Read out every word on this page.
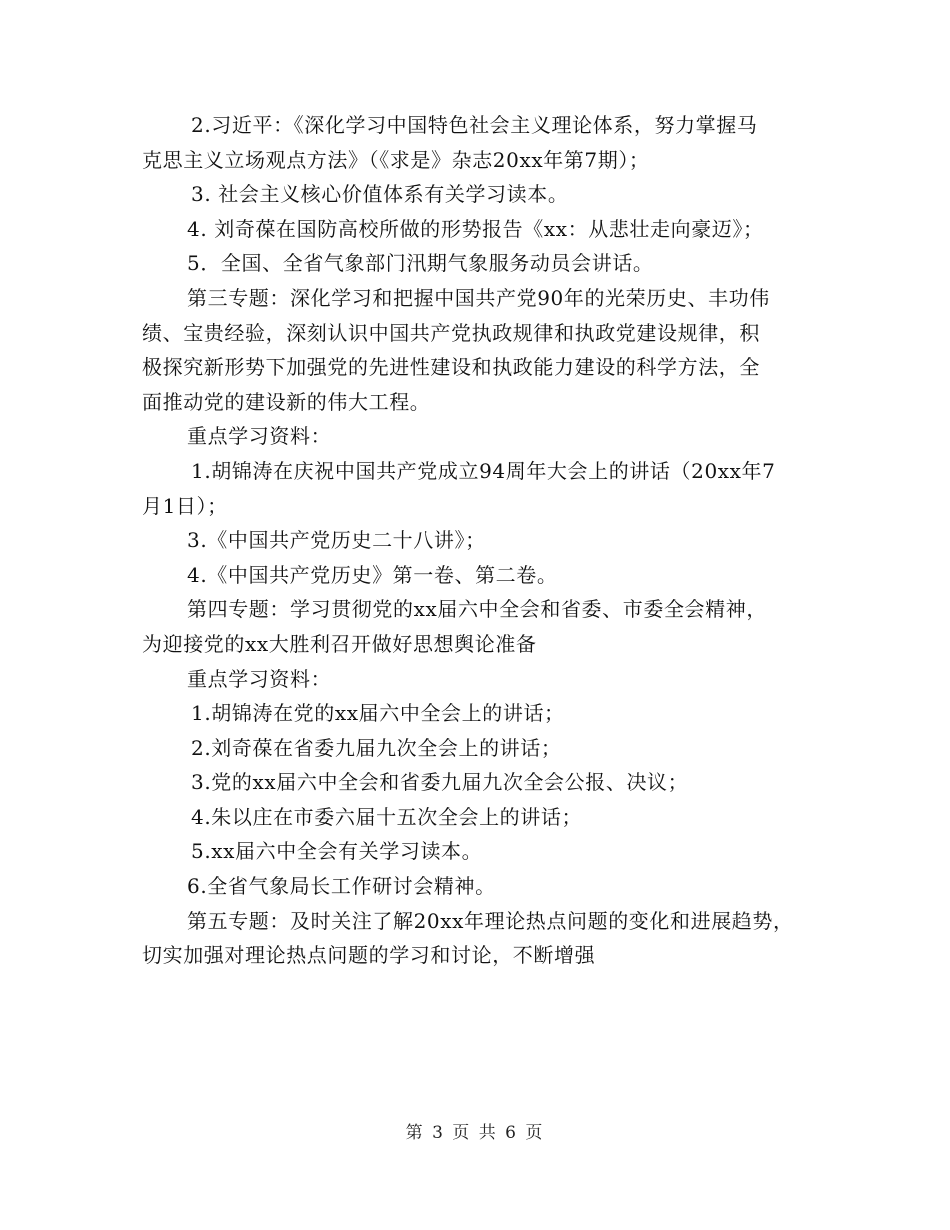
2.习近平：《深化学习中国特色社会主义理论体系，努力掌握马
克思主义立场观点方法》（《求是》杂志20xx年第7期）；
3. 社会主义核心价值体系有关学习读本。
4. 刘奇葆在国防高校所做的形势报告《xx：从悲壮走向豪迈》；
5．全国、全省气象部门汛期气象服务动员会讲话。
第三专题：深化学习和把握中国共产党90年的光荣历史、丰功伟
绩、宝贵经验，深刻认识中国共产党执政规律和执政党建设规律，积
极探究新形势下加强党的先进性建设和执政能力建设的科学方法，全
面推动党的建设新的伟大工程。
重点学习资料：
1.胡锦涛在庆祝中国共产党成立94周年大会上的讲话（20xx年7
月1日）；
3.《中国共产党历史二十八讲》；
4.《中国共产党历史》第一卷、第二卷。
第四专题：学习贯彻党的xx届六中全会和省委、市委全会精神，
为迎接党的xx大胜利召开做好思想舆论准备
重点学习资料：
1.胡锦涛在党的xx届六中全会上的讲话；
2.刘奇葆在省委九届九次全会上的讲话；
3.党的xx届六中全会和省委九届九次全会公报、决议；
4.朱以庄在市委六届十五次全会上的讲话；
5.xx届六中全会有关学习读本。
6.全省气象局长工作研讨会精神。
第五专题：及时关注了解20xx年理论热点问题的变化和进展趋势，
切实加强对理论热点问题的学习和讨论，不断增强
第 3 页 共 6 页
